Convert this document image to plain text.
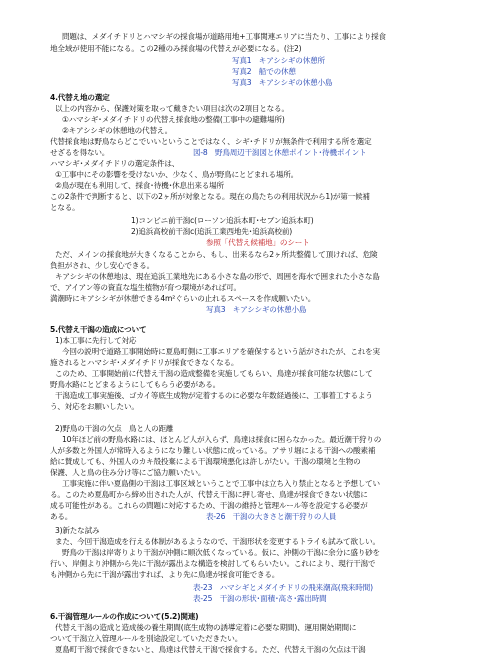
問題は、メダイチドリとハマシギの採食場が道路用地+工事関連エリアに当たり、工事により採食
地全域が使用不能になる。この2種のみ採食場の代替えが必要になる。(注2)
写真1　キアシシギの休憩所
写真2　船での休憩
写真3　キアシシギの休憩小島
4.代替え地の選定
以上の内容から、保護対策を取って戴きたい項目は次の2項目となる。
①ハマシギ･メダイチドリの代替え採食地の整備(工事中の避難場所)
②キアシシギの休憩地の代替え。
代替採食地は野鳥ならどこでいいということではなく、シギ･チドリが無条件で利用する所を選定
せざるを得ない。	図-8　野鳥周辺干潟図と休憩ポイント･待機ポイント
ハマシギ･メダイチドリの選定条件は、
①工事中にその影響を受けないか、少なく、鳥が野鳥にとどまれる場所。
②鳥が現在も利用して、採食･待機･休息出来る場所
この2条件で判断すると、以下の2ヶ所が対象となる。現在の鳥たちの利用状況から1)が第一候補
となる。
1)コンビニ前干潟c(ローソン追浜本町･セブン追浜本町)
2)追浜高校前干潟c(追浜工業西地先･追浜高校前)
参照「代替え候補地」のシート
ただ、メインの採食地が大きくなることから、もし、出来るなら2ヶ所共整備して頂ければ、危険
負担がされ、少し安心できる。
キアシシギの休憩地は、現在追浜工業地先にある小さな島の形で、周囲を海水で囲まれた小さな島
で、アイアン等の資直な塩生植物が育つ環境があれば可。
満潮時にキアシシギが休憩できる4m²ぐらいの止れるスペースを作成願いたい。
写真3　キアシシギの休憩小島
5.代替え干潟の造成について
1)本工事に先行して対応
今回の説明で道路工事開始時に夏島町側に工事エリアを確保するという話がされたが、これを実
施されるとハマシギ･メダイチドリが採食できなくなる。
このため、工事開始前に代替え干潟の造成整備を実施してもらい、鳥達が採食可能な状態にして
野鳥水路にとどまるようにしてもらう必要がある。
干潟造成工事実施後、ゴカイ等底生成物が定着するのに必要な年数経過後に、工事着工するよう
う、対応をお願いしたい。
2)野鳥の干潟の欠点　鳥と人の距離
10年ほど前の野鳥水路には、ほとんど人が入らず、鳥達は採食に困らなかった。最近潮干狩りの
人が多数と外国人が常時入るようになり難しい状態に成っている。アサリ堀による干潟への酸素補
給に賛成しても、外国人のカキ殻投棄による干潟環境悪化は許しがたい。干潟の環境と生物の
保護、人と鳥の住み分け等にご協力願いたい。
工事実施に伴い夏島側の干潟は工事区域ということで工事中は立ち入り禁止となると予想してい
る。このため夏島町から締め出された人が、代替え干潟に押し寄せ、鳥達が採食できない状態に
成る可能性がある。これらの問題に対応するため、干潟の維持と管理ルール等を設定する必要が
ある。	表-26　干潟の大きさと潮干狩りの人員
3)新たな試み
また、今回干潟造成を行える体制があるようなので、干潟形状を変更するトライも試みて欲しい。
野鳥の干潟は岸寄りより干潟が沖側に順次低くなっている。仮に、沖側の干潟に余分に盛り砂を
行い、岸側より沖側から先に干潟が露出よな構造を検討してもらいたい。これにより、現行干潟で
も沖側から先に干潟が露出すれば、より先に鳥達が採食可能できる。
表-23　ハマシギとメダイチドリの飛来潮高(飛来時間)
表-25　干潟の形状･面積･高さ･露出時間
6.干潟管理ルールの作成について(5.2)関連)
代替え干潟の造成と造成後の養生期間(底生成物の誘導定着に必要な期間)、運用開始期間に
ついて干潟立入管理ルールを別途設定していただきたい。
夏島町干潟で採食できないと、鳥達は代替え干潟で採食する。ただ、代替え干潟の欠点は干潟
